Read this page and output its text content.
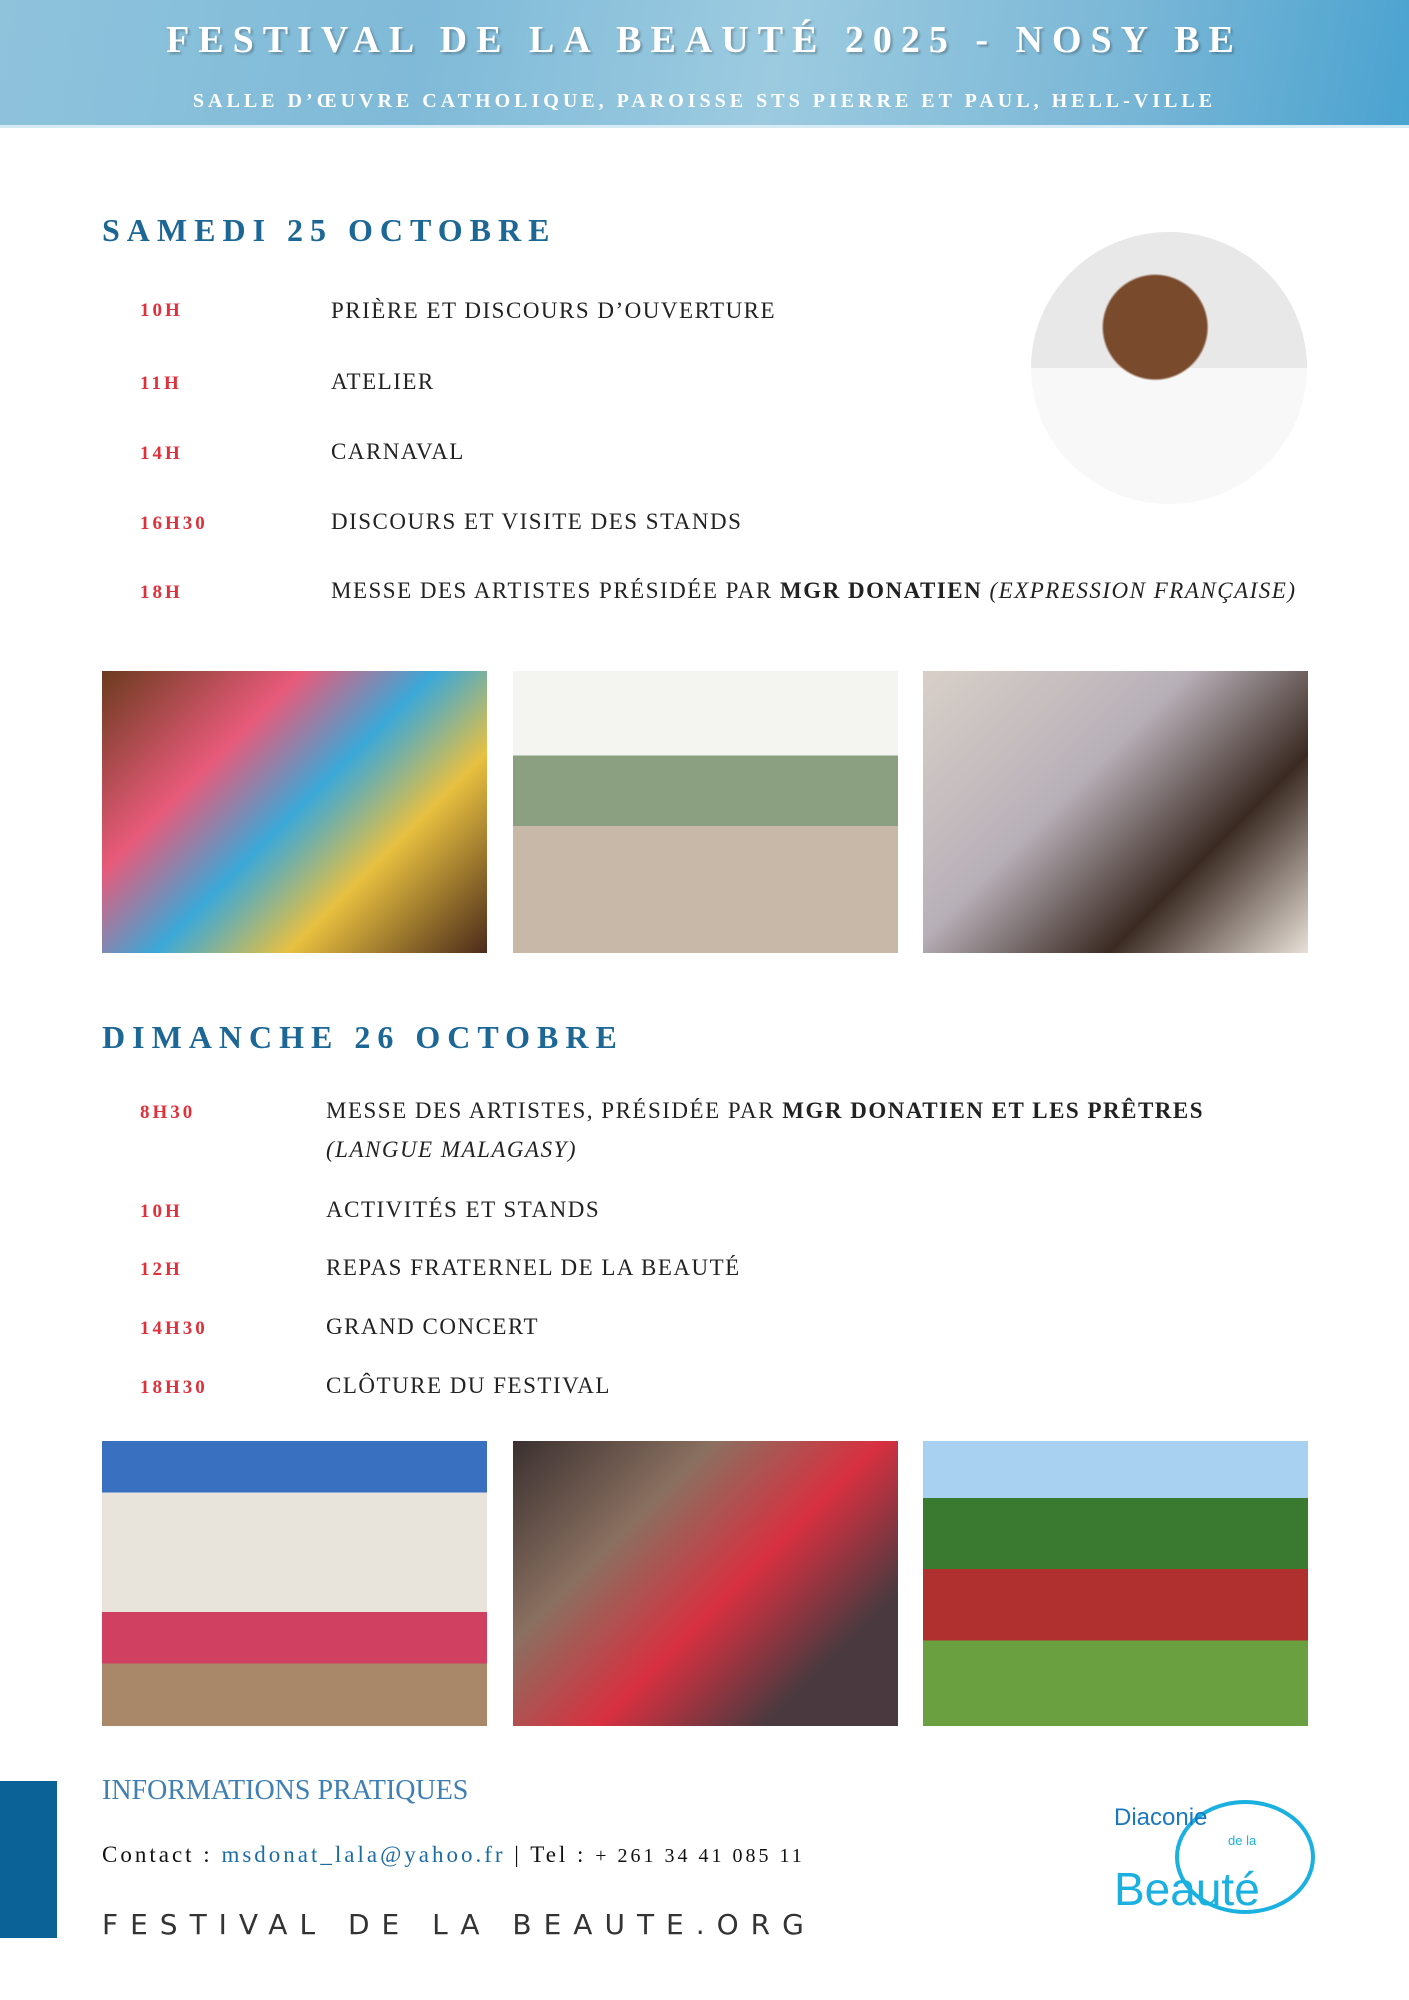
FESTIVAL DE LA BEAUTÉ 2025 - NOSY BE
SALLE D’ŒUVRE CATHOLIQUE, PAROISSE STS PIERRE ET PAUL, HELL-VILLE
SAMEDI 25 OCTOBRE
10H	PRIÈRE ET DISCOURS D’OUVERTURE
11H	ATELIER
14H	CARNAVAL
16H30	DISCOURS ET VISITE DES STANDS
18H	MESSE DES ARTISTES PRÉSIDÉE PAR MGR DONATIEN (EXPRESSION FRANÇAISE)
DIMANCHE 26 OCTOBRE
8H30	MESSE DES ARTISTES, PRÉSIDÉE PAR MGR DONATIEN ET LES PRÊTRES
(LANGUE MALAGASY)
10H	ACTIVITÉS ET STANDS
12H	REPAS FRATERNEL DE LA BEAUTÉ
14H30	GRAND CONCERT
18H30	CLÔTURE DU FESTIVAL
INFORMATIONS PRATIQUES
Contact : msdonat_lala@yahoo.fr | Tel : + 261 34 41 085 11
FESTIVAL DE LA BEAUTE.ORG
Diaconie
de la
Beauté
